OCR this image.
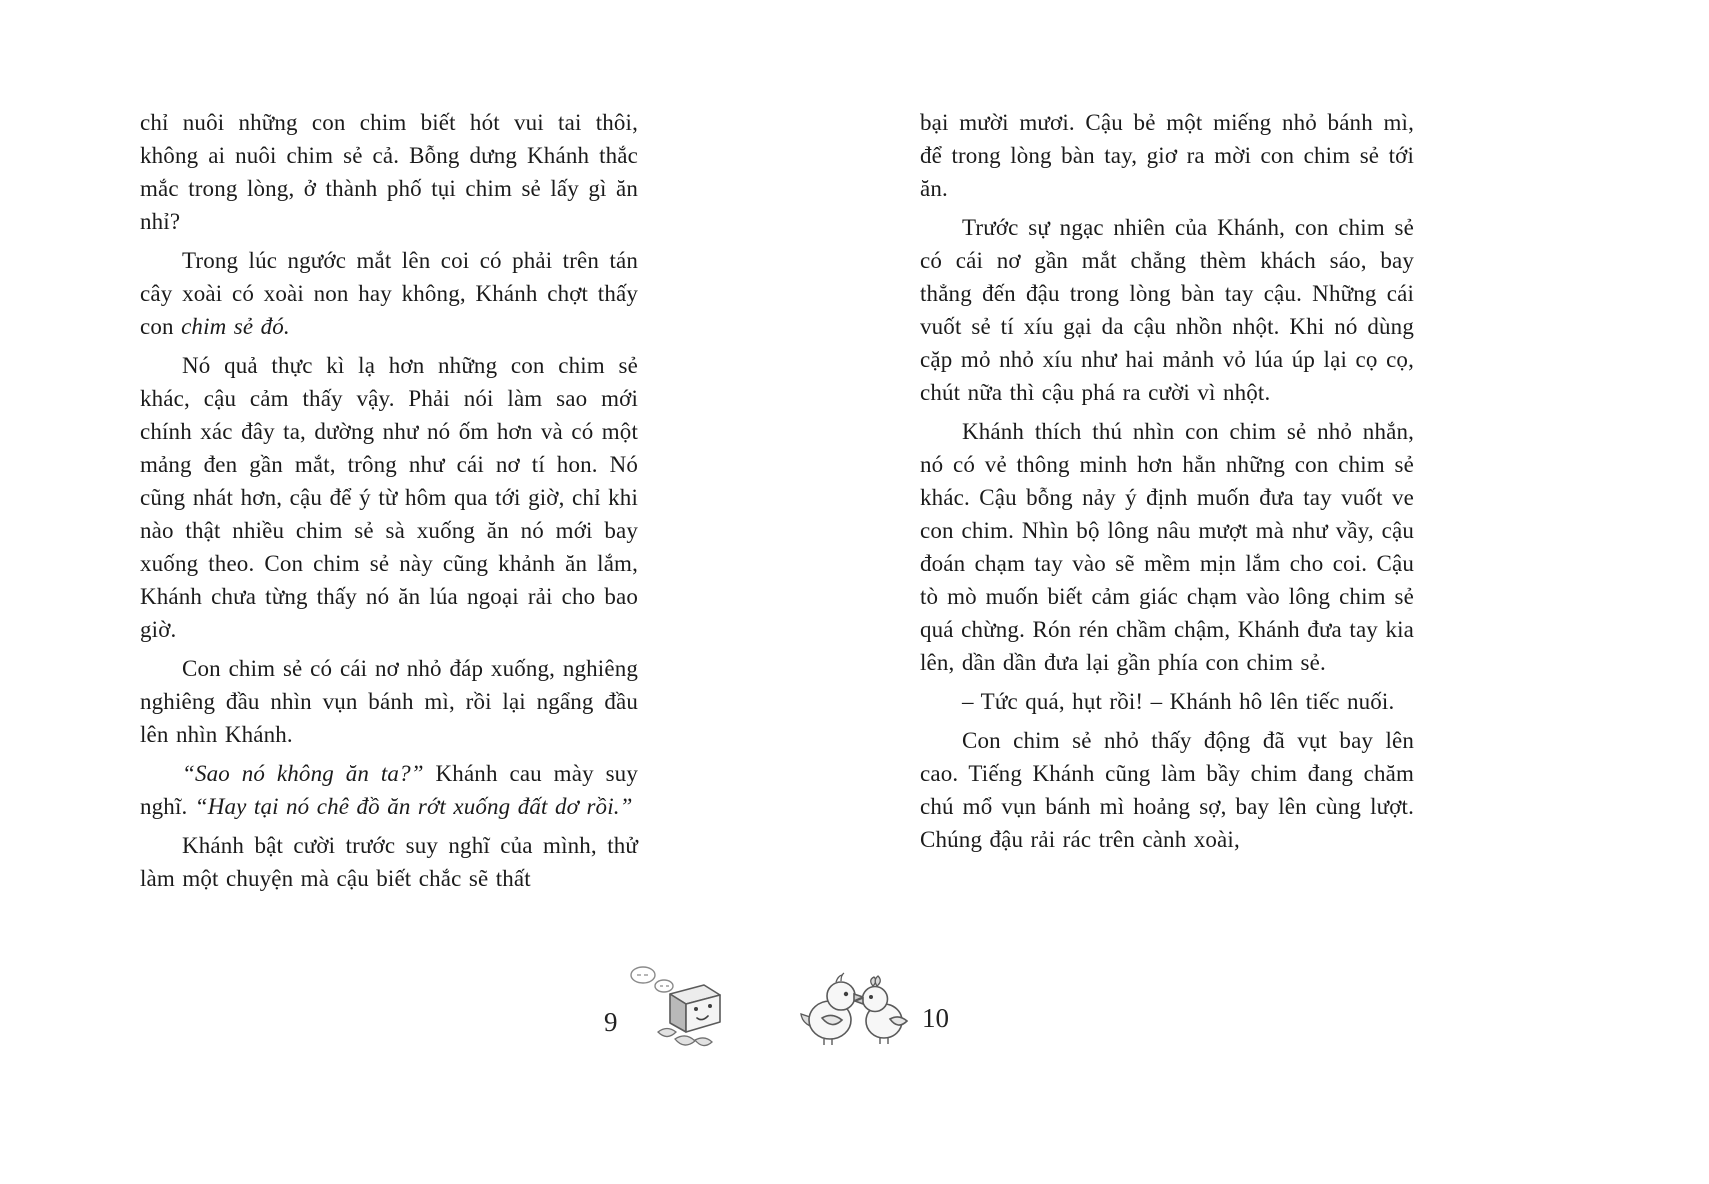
chỉ nuôi những con chim biết hót vui tai thôi, không ai nuôi chim sẻ cả. Bỗng dưng Khánh thắc mắc trong lòng, ở thành phố tụi chim sẻ lấy gì ăn nhỉ?

Trong lúc ngước mắt lên coi có phải trên tán cây xoài có xoài non hay không, Khánh chợt thấy con chim sẻ đó.

Nó quả thực kì lạ hơn những con chim sẻ khác, cậu cảm thấy vậy. Phải nói làm sao mới chính xác đây ta, dường như nó ốm hơn và có một mảng đen gần mắt, trông như cái nơ tí hon. Nó cũng nhát hơn, cậu để ý từ hôm qua tới giờ, chỉ khi nào thật nhiều chim sẻ sà xuống ăn nó mới bay xuống theo. Con chim sẻ này cũng khảnh ăn lắm, Khánh chưa từng thấy nó ăn lúa ngoại rải cho bao giờ.

Con chim sẻ có cái nơ nhỏ đáp xuống, nghiêng nghiêng đầu nhìn vụn bánh mì, rồi lại ngẩng đầu lên nhìn Khánh.

“Sao nó không ăn ta?” Khánh cau mày suy nghĩ. “Hay tại nó chê đồ ăn rớt xuống đất dơ rồi.”

Khánh bật cười trước suy nghĩ của mình, thử làm một chuyện mà cậu biết chắc sẽ thất

bại mười mươi. Cậu bẻ một miếng nhỏ bánh mì, để trong lòng bàn tay, giơ ra mời con chim sẻ tới ăn.

Trước sự ngạc nhiên của Khánh, con chim sẻ có cái nơ gần mắt chẳng thèm khách sáo, bay thẳng đến đậu trong lòng bàn tay cậu. Những cái vuốt sẻ tí xíu gại da cậu nhồn nhột. Khi nó dùng cặp mỏ nhỏ xíu như hai mảnh vỏ lúa úp lại cọ cọ, chút nữa thì cậu phá ra cười vì nhột.

Khánh thích thú nhìn con chim sẻ nhỏ nhắn, nó có vẻ thông minh hơn hẳn những con chim sẻ khác. Cậu bỗng nảy ý định muốn đưa tay vuốt ve con chim. Nhìn bộ lông nâu mượt mà như vầy, cậu đoán chạm tay vào sẽ mềm mịn lắm cho coi. Cậu tò mò muốn biết cảm giác chạm vào lông chim sẻ quá chừng. Rón rén chầm chậm, Khánh đưa tay kia lên, dần dần đưa lại gần phía con chim sẻ.

– Tức quá, hụt rồi! – Khánh hô lên tiếc nuối.

Con chim sẻ nhỏ thấy động đã vụt bay lên cao. Tiếng Khánh cũng làm bầy chim đang chăm chú mổ vụn bánh mì hoảng sợ, bay lên cùng lượt. Chúng đậu rải rác trên cành xoài,

9	10
